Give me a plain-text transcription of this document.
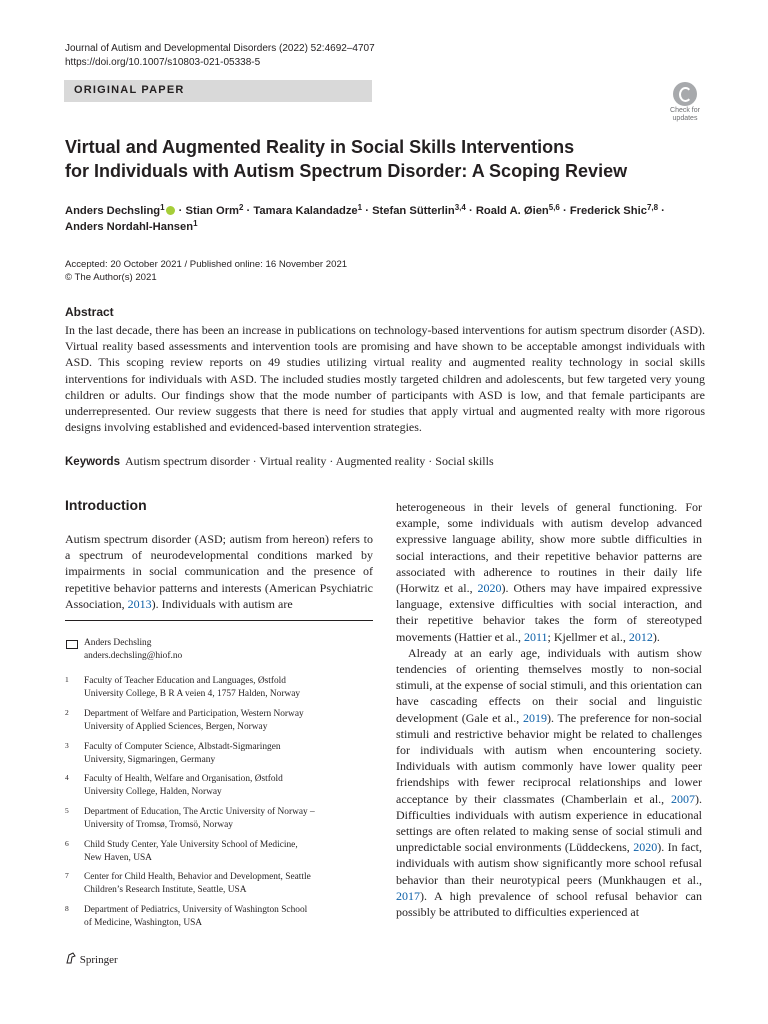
Journal of Autism and Developmental Disorders (2022) 52:4692–4707
https://doi.org/10.1007/s10803-021-05338-5
ORIGINAL PAPER
Check for
updates
Virtual and Augmented Reality in Social Skills Interventions
for Individuals with Autism Spectrum Disorder: A Scoping Review
Anders Dechsling$^1$ · Stian Orm$^2$ · Tamara Kalandadze$^1$ · Stefan Sütterlin$^{3,4}$ · Roald A. Øien$^{5,6}$ · Frederick Shic$^{7,8}$ ·
Anders Nordahl-Hansen$^1$
Accepted: 20 October 2021 / Published online: 16 November 2021
© The Author(s) 2021
Abstract
In the last decade, there has been an increase in publications on technology-based interventions for autism spectrum disorder (ASD). Virtual reality based assessments and intervention tools are promising and have shown to be acceptable amongst individuals with ASD. This scoping review reports on 49 studies utilizing virtual reality and augmented reality technology in social skills interventions for individuals with ASD. The included studies mostly targeted children and adolescents, but few targeted very young children or adults. Our findings show that the mode number of participants with ASD is low, and that female participants are underrepresented. Our review suggests that there is need for studies that apply virtual and augmented realty with more rigorous designs involving established and evidenced-based intervention strategies.
Keywords Autism spectrum disorder · Virtual reality · Augmented reality · Social skills
Introduction

Autism spectrum disorder (ASD; autism from hereon) refers to a spectrum of neurodevelopmental conditions marked by impairments in social communication and the presence of repetitive behavior patterns and interests (American Psychiatric Association, 2013). Individuals with autism are

Anders Dechsling
anders.dechsling@hiof.no
1 Faculty of Teacher Education and Languages, Østfold
University College, B R A veien 4, 1757 Halden, Norway
2 Department of Welfare and Participation, Western Norway
University of Applied Sciences, Bergen, Norway
3 Faculty of Computer Science, Albstadt-Sigmaringen
University, Sigmaringen, Germany
4 Faculty of Health, Welfare and Organisation, Østfold
University College, Halden, Norway
5 Department of Education, The Arctic University of Norway –
University of Tromsø, Tromsö, Norway
6 Child Study Center, Yale University School of Medicine,
New Haven, USA
7 Center for Child Health, Behavior and Development, Seattle
Children’s Research Institute, Seattle, USA
8 Department of Pediatrics, University of Washington School
of Medicine, Washington, USA

heterogeneous in their levels of general functioning. For example, some individuals with autism develop advanced expressive language ability, show more subtle difficulties in social interactions, and their repetitive behavior patterns are associated with adherence to routines in their daily life (Horwitz et al., 2020). Others may have impaired expressive language, extensive difficulties with social interaction, and their repetitive behavior takes the form of stereotyped movements (Hattier et al., 2011; Kjellmer et al., 2012).

Already at an early age, individuals with autism show tendencies of orienting themselves mostly to non-social stimuli, at the expense of social stimuli, and this orientation can have cascading effects on their social and linguistic development (Gale et al., 2019). The preference for non-social stimuli and restrictive behavior might be related to challenges for individuals with autism when encountering society. Individuals with autism commonly have lower quality peer friendships with fewer reciprocal relationships and lower acceptance by their classmates (Chamberlain et al., 2007). Difficulties individuals with autism experience in educational settings are often related to making sense of social stimuli and unpredictable social environments (Lüddeckens, 2020). In fact, individuals with autism show significantly more school refusal behavior than their neurotypical peers (Munkhaugen et al., 2017). A high prevalence of school refusal behavior can possibly be attributed to difficulties experienced at

Springer
